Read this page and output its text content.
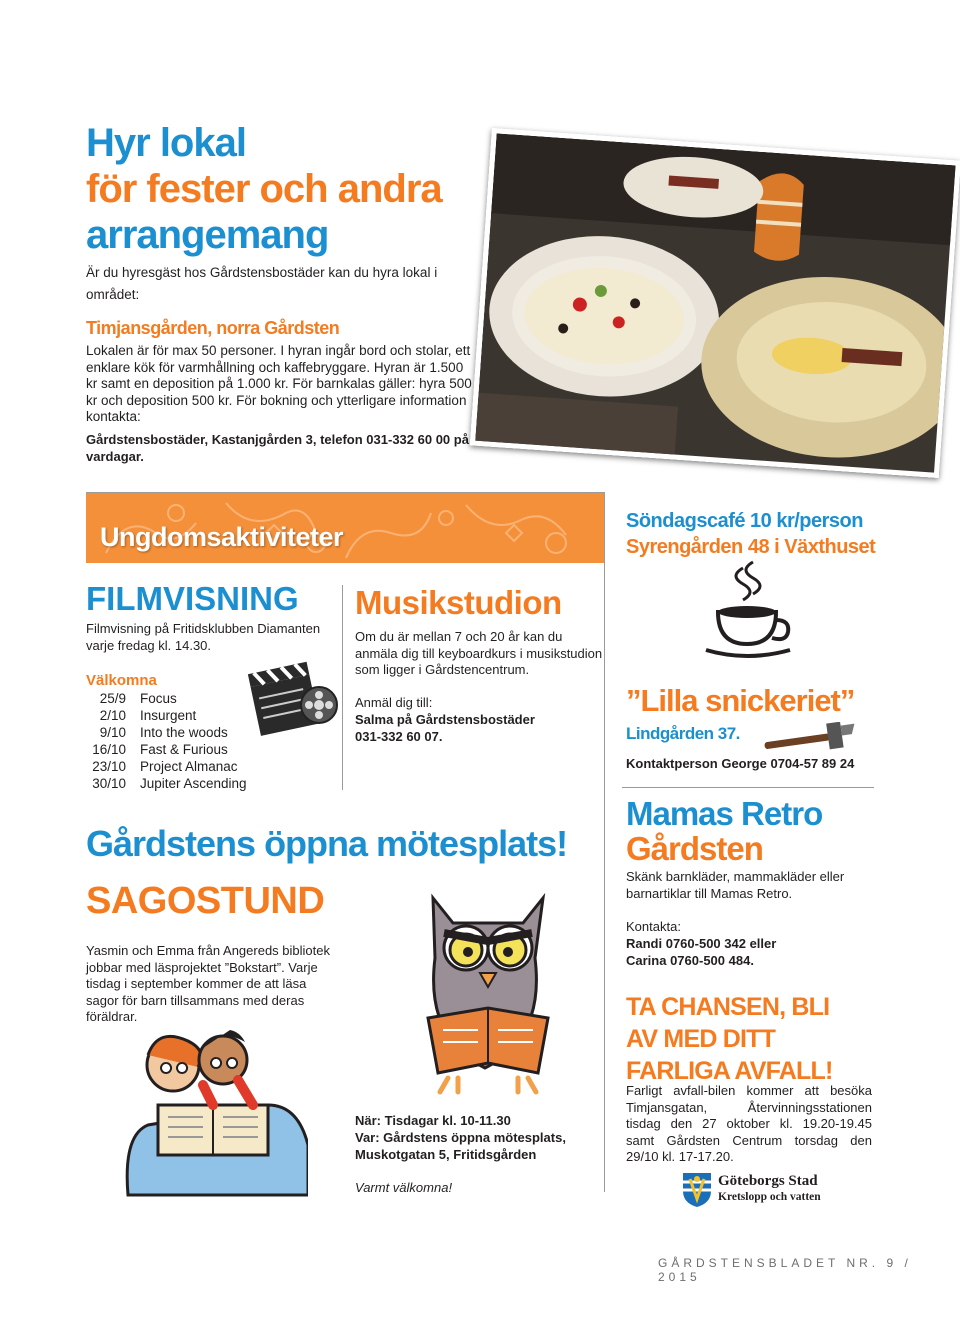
Hyr lokal
för fester och andra
arrangemang
Är du hyresgäst hos Gårdstensbostäder kan du hyra lokal i området:
Timjansgården, norra Gårdsten
Lokalen är för max 50 personer. I hyran ingår bord och stolar, ett enklare kök för varmhållning och kaffebryggare. Hyran är 1.500 kr samt en deposition på 1.000 kr. För barnkalas gäller: hyra 500 kr och deposition 500 kr. För bokning och ytterligare information kontakta:
Gårdstensbostäder, Kastanjgården 3, telefon 031-332 60 00 på vardagar.
Ungdomsaktiviteter
FILMVISNING
Filmvisning på Fritidsklubben Diamanten varje fredag kl. 14.30.
Välkomna
25/9 Focus
2/10 Insurgent
9/10 Into the woods
16/10 Fast & Furious
23/10 Project Almanac
30/10 Jupiter Ascending
Musikstudion
Om du är mellan 7 och 20 år kan du anmäla dig till keyboardkurs i musikstudion som ligger i Gårdstencentrum.
Anmäl dig till:
Salma på Gårdstensbostäder
031-332 60 07.
Söndagscafé 10 kr/person
Syrengården 48 i Växthuset
”Lilla snickeriet”
Lindgården 37.
Kontaktperson George 0704-57 89 24
Gårdstens öppna mötesplats!
SAGOSTUND
Yasmin och Emma från Angereds bibliotek jobbar med läsprojektet ”Bokstart”. Varje tisdag i september kommer de att läsa sagor för barn tillsammans med deras föräldrar.
När: Tisdagar kl. 10-11.30
Var: Gårdstens öppna mötesplats, Muskotgatan 5, Fritidsgården
Varmt välkomna!
Mamas Retro
Gårdsten
Skänk barnkläder, mammakläder eller barnartiklar till Mamas Retro.
Kontakta:
Randi 0760-500 342 eller
Carina 0760-500 484.
TA CHANSEN, BLI
AV MED DITT
FARLIGA AVFALL!
Farligt avfall-bilen kommer att besöka Timjansgatan, Återvinningsstationen tisdag den 27 oktober kl. 19.20-19.45 samt Gårdsten Centrum torsdag den 29/10 kl. 17-17.20.
Göteborgs Stad
Kretslopp och vatten
GÅRDSTENSBLADET NR. 9 / 2015
